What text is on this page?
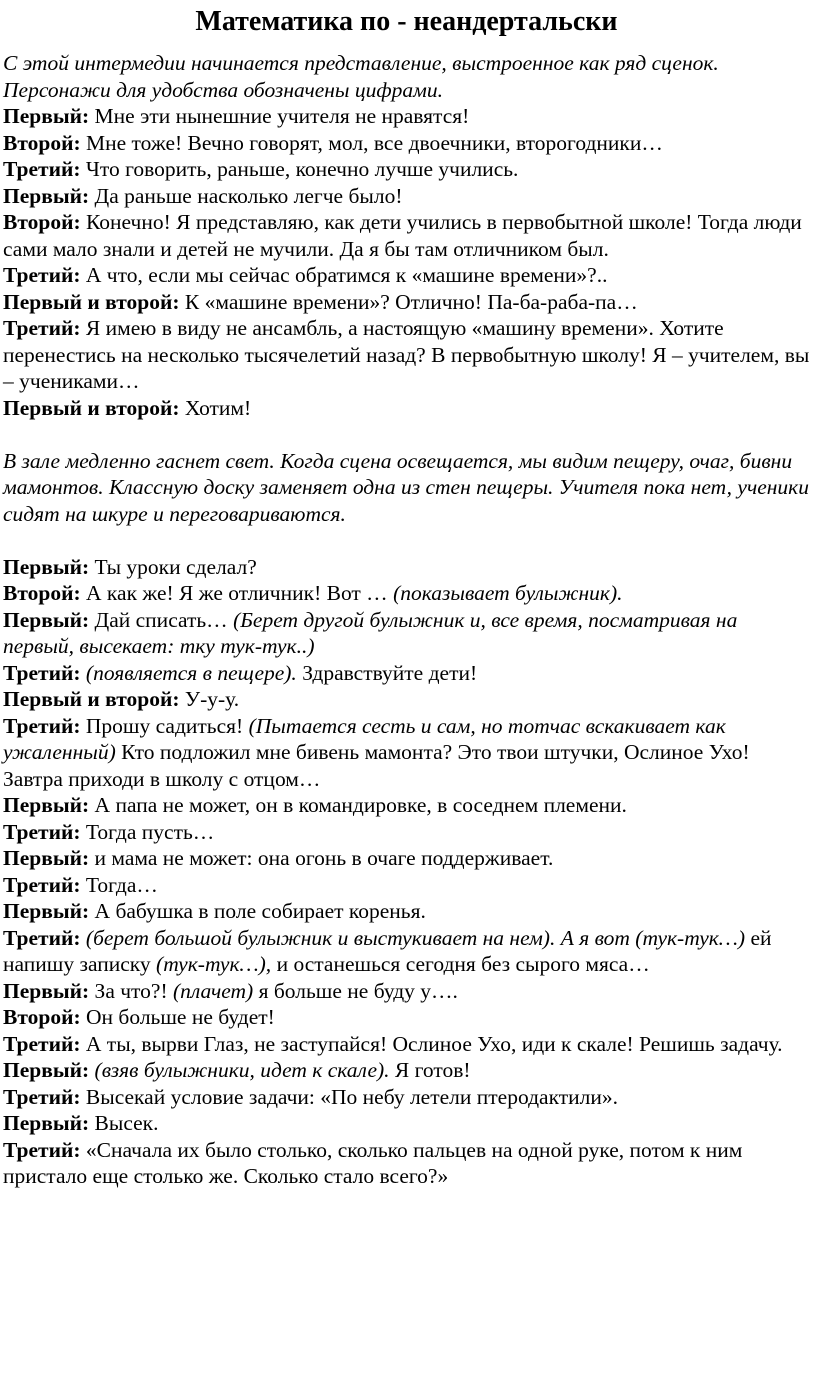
Математика по - неандертальски

С этой интермедии начинается представление, выстроенное как ряд сценок. Персонажи для удобства обозначены цифрами.

Первый: Мне эти нынешние учителя не нравятся!

Второй: Мне тоже! Вечно говорят, мол, все двоечники, второгодники…

Третий: Что говорить, раньше, конечно лучше учились.

Первый: Да раньше насколько легче было!

Второй: Конечно! Я представляю, как дети учились в первобытной школе! Тогда люди сами мало знали и детей не мучили. Да я бы там отличником был.

Третий: А что, если мы сейчас обратимся к «машине времени»?..

Первый и второй: К «машине времени»? Отлично! Па-ба-раба-па…

Третий: Я имею в виду не ансамбль, а настоящую «машину времени». Хотите перенестись на несколько тысячелетий назад? В первобытную школу! Я – учителем, вы – учениками…

Первый и второй: Хотим!

В зале медленно гаснет свет. Когда сцена освещается, мы видим пещеру, очаг, бивни мамонтов. Классную доску заменяет одна из стен пещеры. Учителя пока нет, ученики сидят на шкуре и переговариваются.

Первый: Ты уроки сделал?

Второй: А как же! Я же отличник! Вот … (показывает булыжник).

Первый: Дай списать… (Берет другой булыжник и, все время, посматривая на первый, высекает: тку тук-тук..)

Третий: (появляется в пещере). Здравствуйте дети!

Первый и второй: У-у-у.

Третий: Прошу садиться! (Пытается сесть и сам, но тотчас вскакивает как ужаленный) Кто подложил мне бивень мамонта? Это твои штучки, Ослиное Ухо! Завтра приходи в школу с отцом…

Первый: А папа не может, он в командировке, в соседнем племени.

Третий: Тогда пусть…

Первый: и мама не может: она огонь в очаге поддерживает.

Третий: Тогда…

Первый: А бабушка в поле собирает коренья.

Третий: (берет большой булыжник и выстукивает на нем). А я вот (тук-тук…) ей напишу записку (тук-тук…), и останешься сегодня без сырого мяса…

Первый: За что?! (плачет) я больше не буду у….

Второй: Он больше не будет!

Третий: А ты, вырви Глаз, не заступайся! Ослиное Ухо, иди к скале! Решишь задачу.

Первый: (взяв булыжники, идет к скале). Я готов!

Третий: Высекай условие задачи: «По небу летели птеродактили».

Первый: Высек.

Третий: «Сначала их было столько, сколько пальцев на одной руке, потом к ним пристало еще столько же. Сколько стало всего?»
